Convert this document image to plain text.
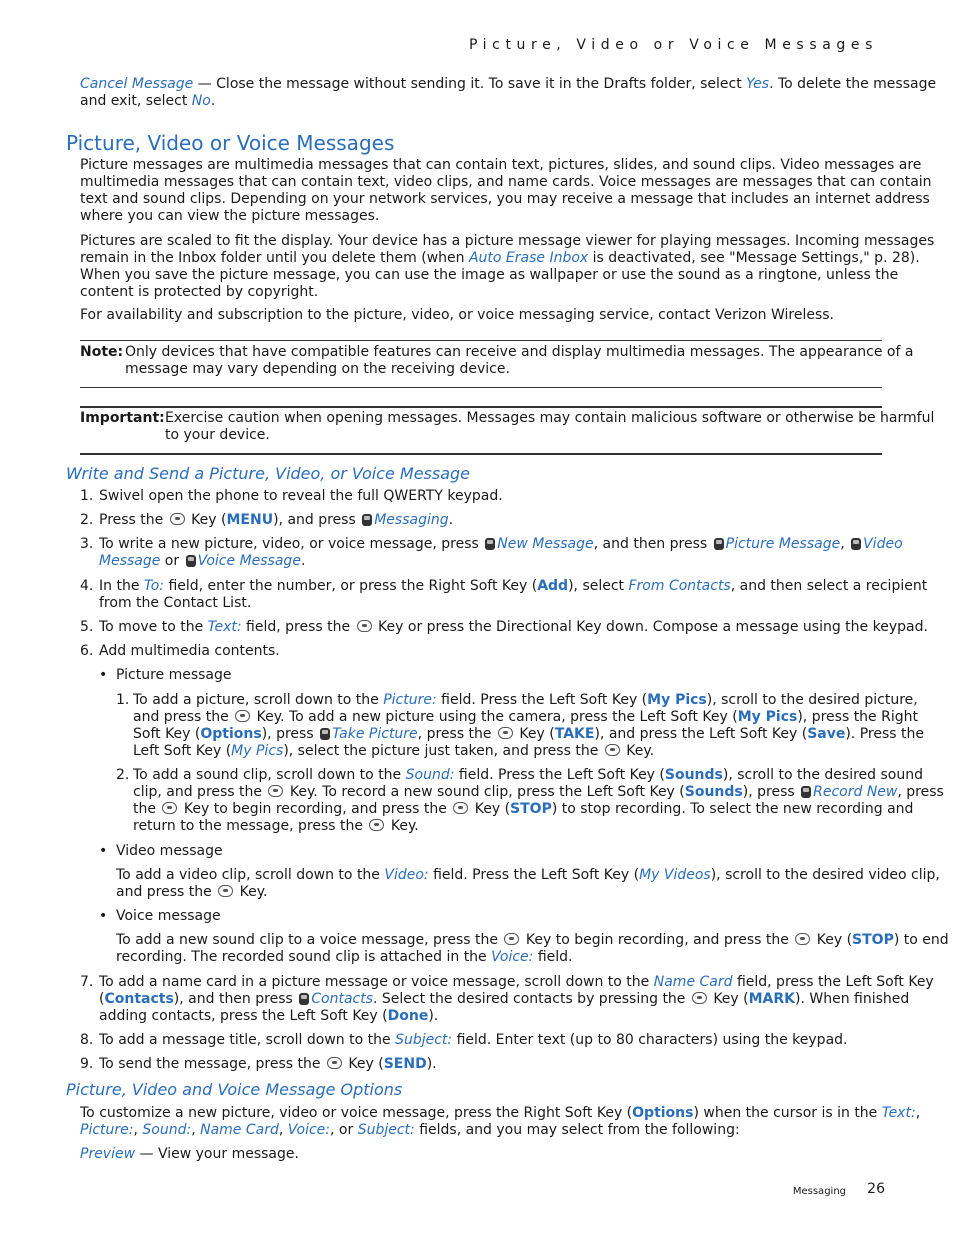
Picture, Video or Voice Messages
Cancel Message — Close the message without sending it. To save it in the Drafts folder, select Yes. To delete the message
and exit, select No.
Picture, Video or Voice Messages
Picture messages are multimedia messages that can contain text, pictures, slides, and sound clips. Video messages are
multimedia messages that can contain text, video clips, and name cards. Voice messages are messages that can contain
text and sound clips. Depending on your network services, you may receive a message that includes an internet address
where you can view the picture messages.
Pictures are scaled to fit the display. Your device has a picture message viewer for playing messages. Incoming messages
remain in the Inbox folder until you delete them (when Auto Erase Inbox is deactivated, see "Message Settings," p. 28).
When you save the picture message, you can use the image as wallpaper or use the sound as a ringtone, unless the
content is protected by copyright.
For availability and subscription to the picture, video, or voice messaging service, contact Verizon Wireless.
Note: Only devices that have compatible features can receive and display multimedia messages. The appearance of a
message may vary depending on the receiving device.
Important: Exercise caution when opening messages. Messages may contain malicious software or otherwise be harmful
to your device.
Write and Send a Picture, Video, or Voice Message
1.
2.
3.
4.
5.
6.
7.
8.
9.
Swivel open the phone to reveal the full QWERTY keypad.
Press the  Key (MENU), and press Messaging.
To write a new picture, video, or voice message, press New Message, and then press Picture Message, Video
Message or Voice Message.
In the To: field, enter the number, or press the Right Soft Key (Add), select From Contacts, and then select a recipient
from the Contact List.
To move to the Text: field, press the  Key or press the Directional Key down. Compose a message using the keypad.
Add multimedia contents.
• Picture message
1. To add a picture, scroll down to the Picture: field. Press the Left Soft Key (My Pics), scroll to the desired picture,
and press the  Key. To add a new picture using the camera, press the Left Soft Key (My Pics), press the Right
Soft Key (Options), press Take Picture, press the  Key (TAKE), and press the Left Soft Key (Save). Press the
Left Soft Key (My Pics), select the picture just taken, and press the  Key.
2. To add a sound clip, scroll down to the Sound: field. Press the Left Soft Key (Sounds), scroll to the desired sound
clip, and press the  Key. To record a new sound clip, press the Left Soft Key (Sounds), press Record New, press
the  Key to begin recording, and press the  Key (STOP) to stop recording. To select the new recording and
return to the message, press the  Key.
• Video message
To add a video clip, scroll down to the Video: field. Press the Left Soft Key (My Videos), scroll to the desired video clip,
and press the  Key.
• Voice message
To add a new sound clip to a voice message, press the  Key to begin recording, and press the  Key (STOP) to end
recording. The recorded sound clip is attached in the Voice: field.
To add a name card in a picture message or voice message, scroll down to the Name Card field, press the Left Soft Key
(Contacts), and then press Contacts. Select the desired contacts by pressing the  Key (MARK). When finished
adding contacts, press the Left Soft Key (Done).
To add a message title, scroll down to the Subject: field. Enter text (up to 80 characters) using the keypad.
To send the message, press the  Key (SEND).
Picture, Video and Voice Message Options
To customize a new picture, video or voice message, press the Right Soft Key (Options) when the cursor is in the Text:,
Picture:, Sound:, Name Card, Voice:, or Subject: fields, and you may select from the following:
Preview — View your message.
Messaging 26
